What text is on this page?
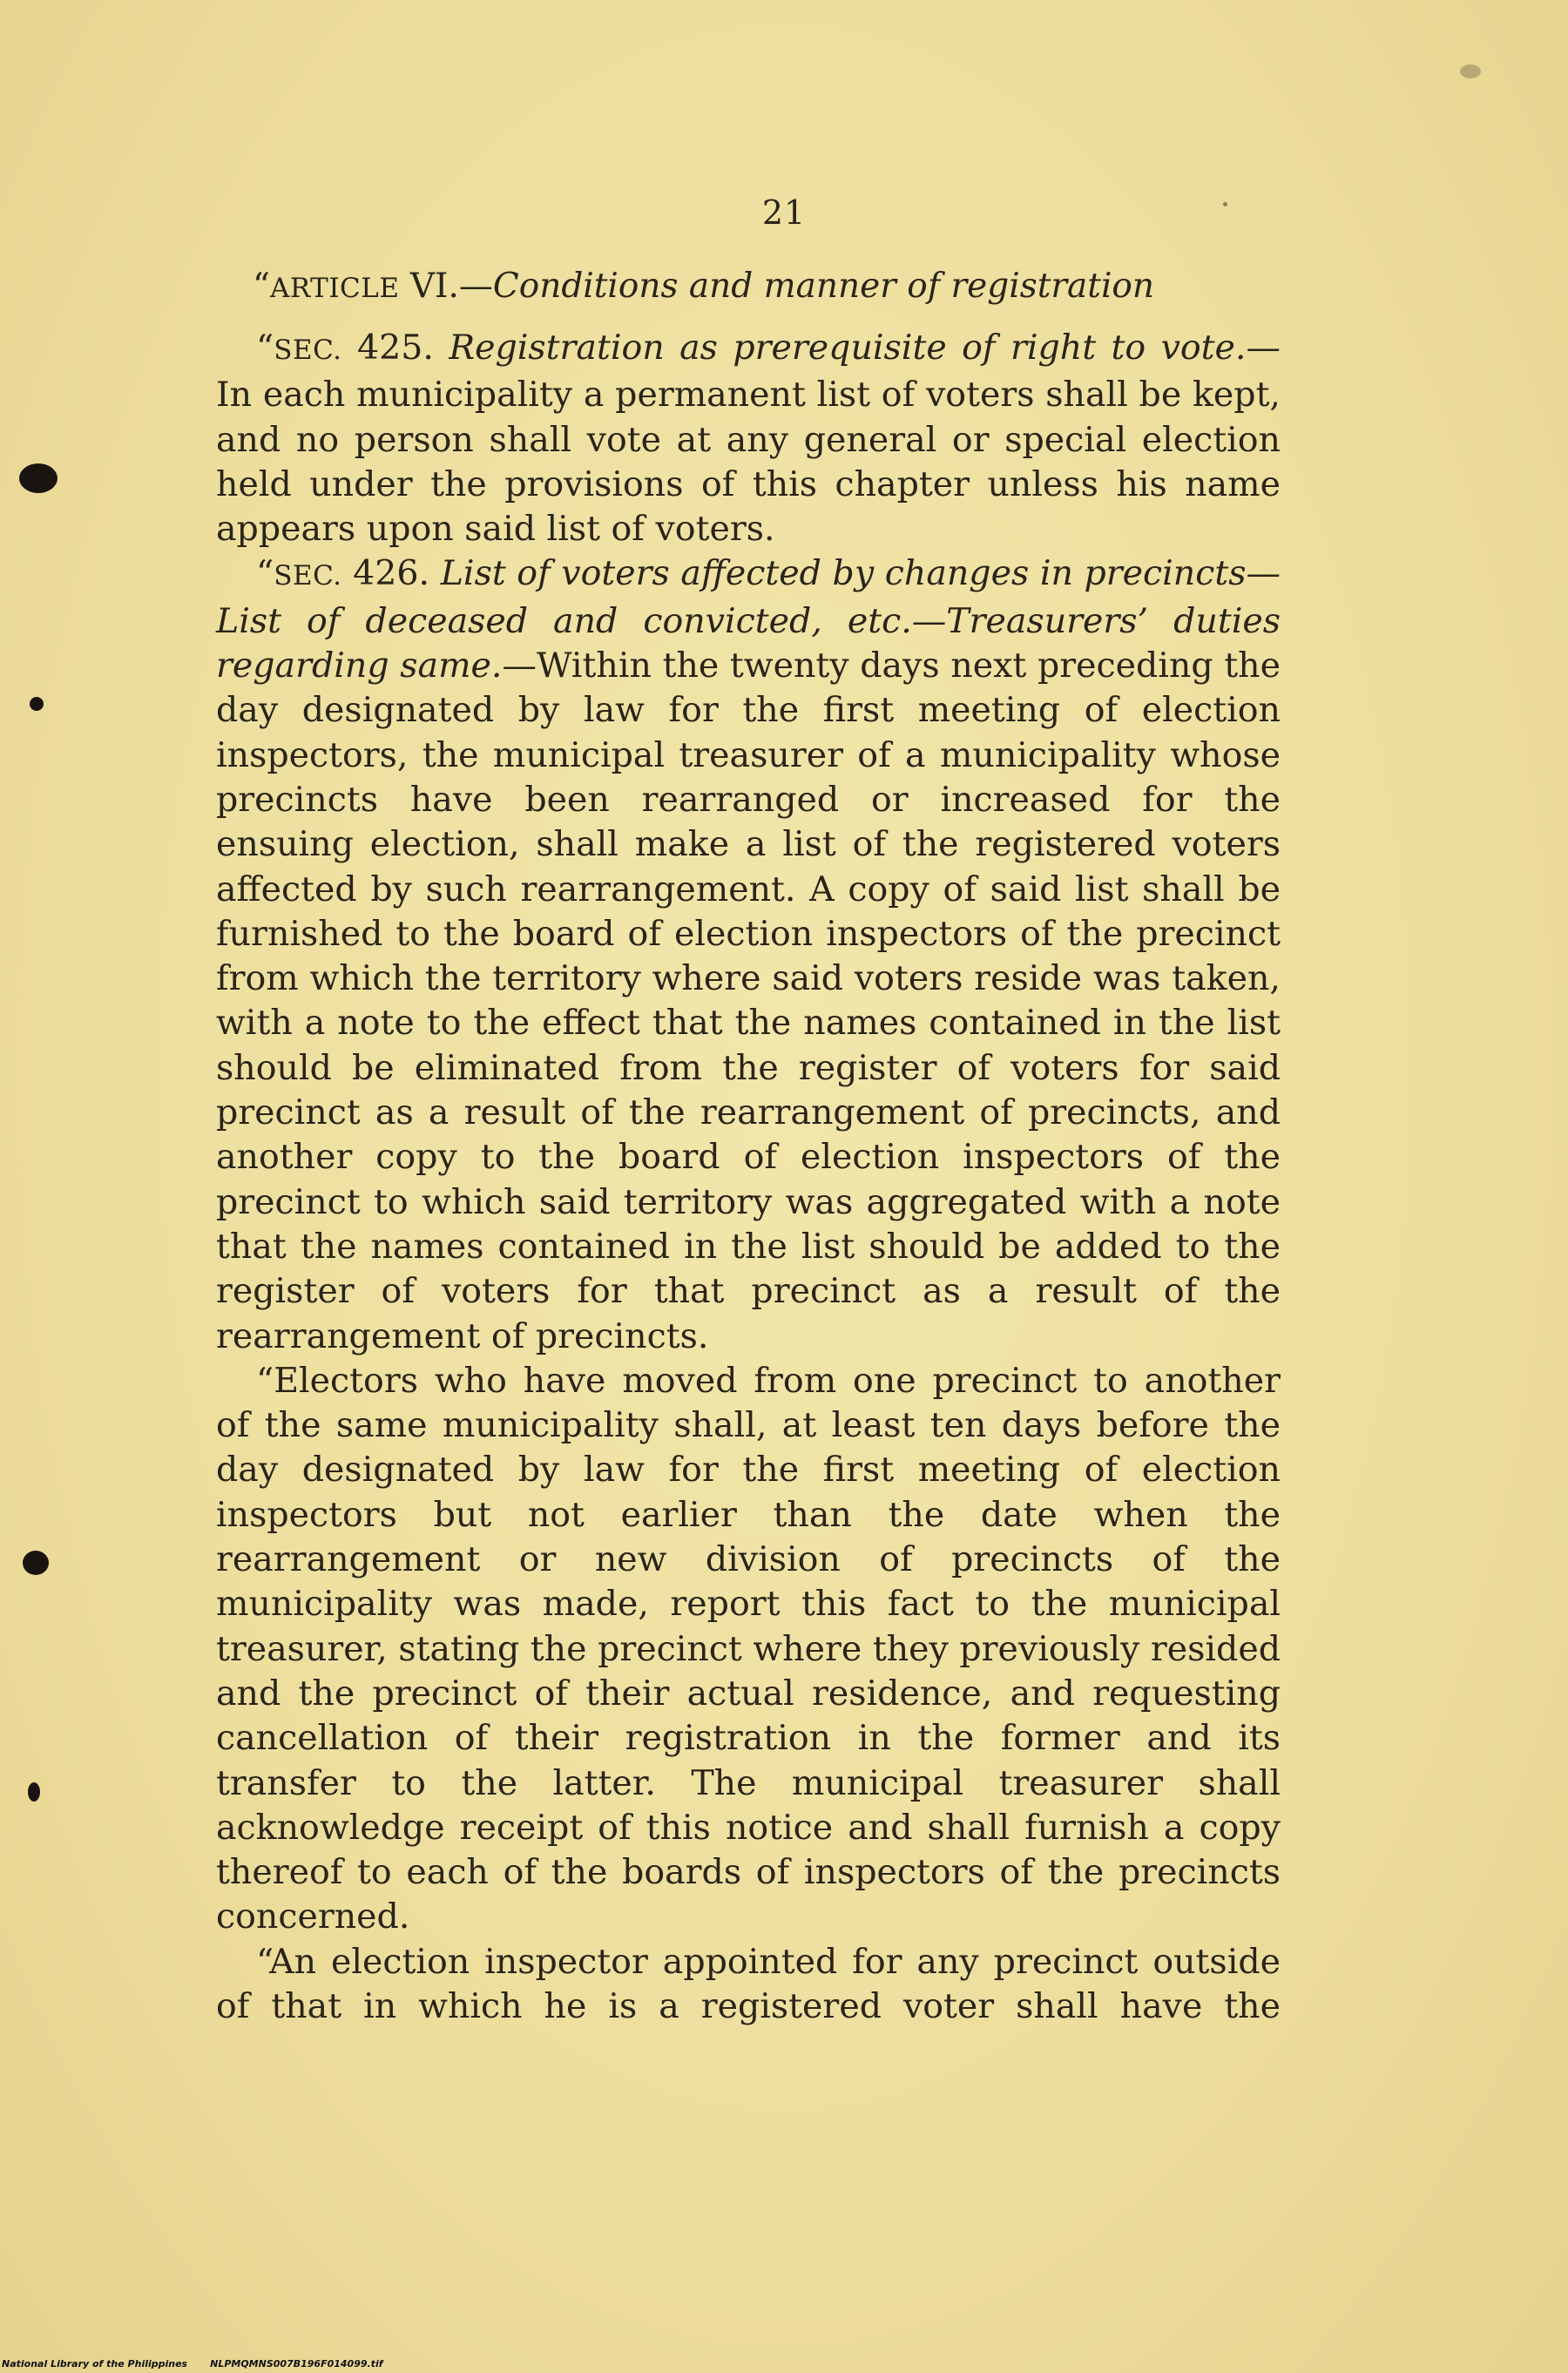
21
“ARTICLE VI.—Conditions and manner of registration

“SEC. 425. Registration as prerequisite of right to vote.— In each municipality a permanent list of voters shall be kept, and no person shall vote at any general or special election held under the provisions of this chapter unless his name appears upon said list of voters.

“SEC. 426. List of voters affected by changes in precincts—List of deceased and convicted, etc.—Treasurers’ duties regarding same.—Within the twenty days next preceding the day designated by law for the first meeting of election inspectors, the municipal treasurer of a municipality whose precincts have been rearranged or increased for the ensuing election, shall make a list of the registered voters affected by such rearrangement. A copy of said list shall be furnished to the board of election inspectors of the precinct from which the territory where said voters reside was taken, with a note to the effect that the names contained in the list should be eliminated from the register of voters for said precinct as a result of the rearrangement of precincts, and another copy to the board of election inspectors of the precinct to which said territory was aggregated with a note that the names contained in the list should be added to the register of voters for that precinct as a result of the rearrangement of precincts.

“Electors who have moved from one precinct to another of the same municipality shall, at least ten days before the day designated by law for the first meeting of election inspectors but not earlier than the date when the rearrangement or new division of precincts of the municipality was made, report this fact to the municipal treasurer, stating the precinct where they previously resided and the precinct of their actual residence, and requesting cancellation of their registration in the former and its transfer to the latter. The municipal treasurer shall acknowledge receipt of this notice and shall furnish a copy thereof to each of the boards of inspectors of the precincts concerned.

“An election inspector appointed for any precinct outside of that in which he is a registered voter shall have the

National Library of the Philippines NLPMQMNS007B196F014099.tif
